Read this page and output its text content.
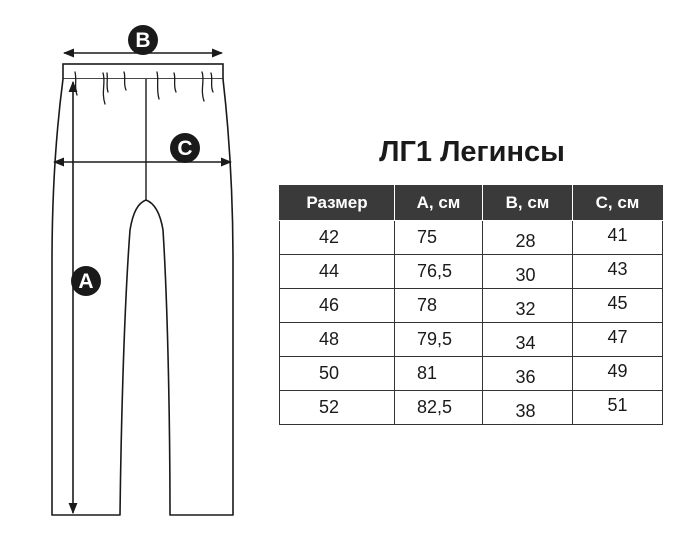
B
C
A
ЛГ1 Легинсы
Размер	A, см	B, см	C, см
42	75	28	41
44	76,5	30	43
46	78	32	45
48	79,5	34	47
50	81	36	49
52	82,5	38	51
